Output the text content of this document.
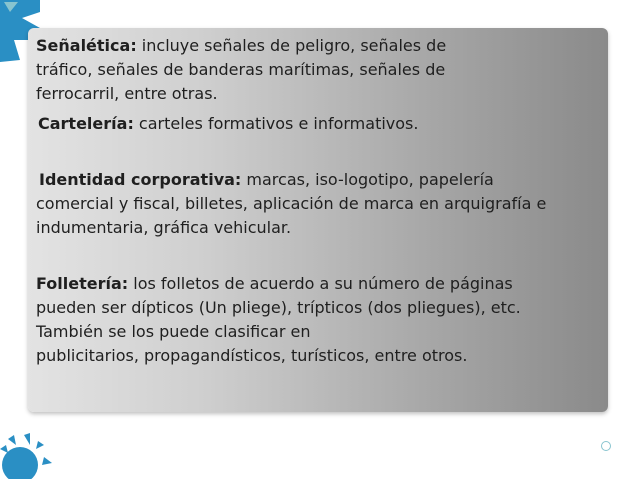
Señalética: incluye señales de peligro, señales de
tráfico, señales de banderas marítimas, señales de
ferrocarril, entre otras.
Cartelería: carteles formativos e informativos.
Identidad corporativa: marcas, iso-logotipo, papelería
comercial y fiscal, billetes, aplicación de marca en arquigrafía e
indumentaria, gráfica vehicular.
Folletería: los folletos de acuerdo a su número de páginas
pueden ser dípticos (Un pliege), trípticos (dos pliegues), etc.
También se los puede clasificar en
publicitarios, propagandísticos, turísticos, entre otros.
